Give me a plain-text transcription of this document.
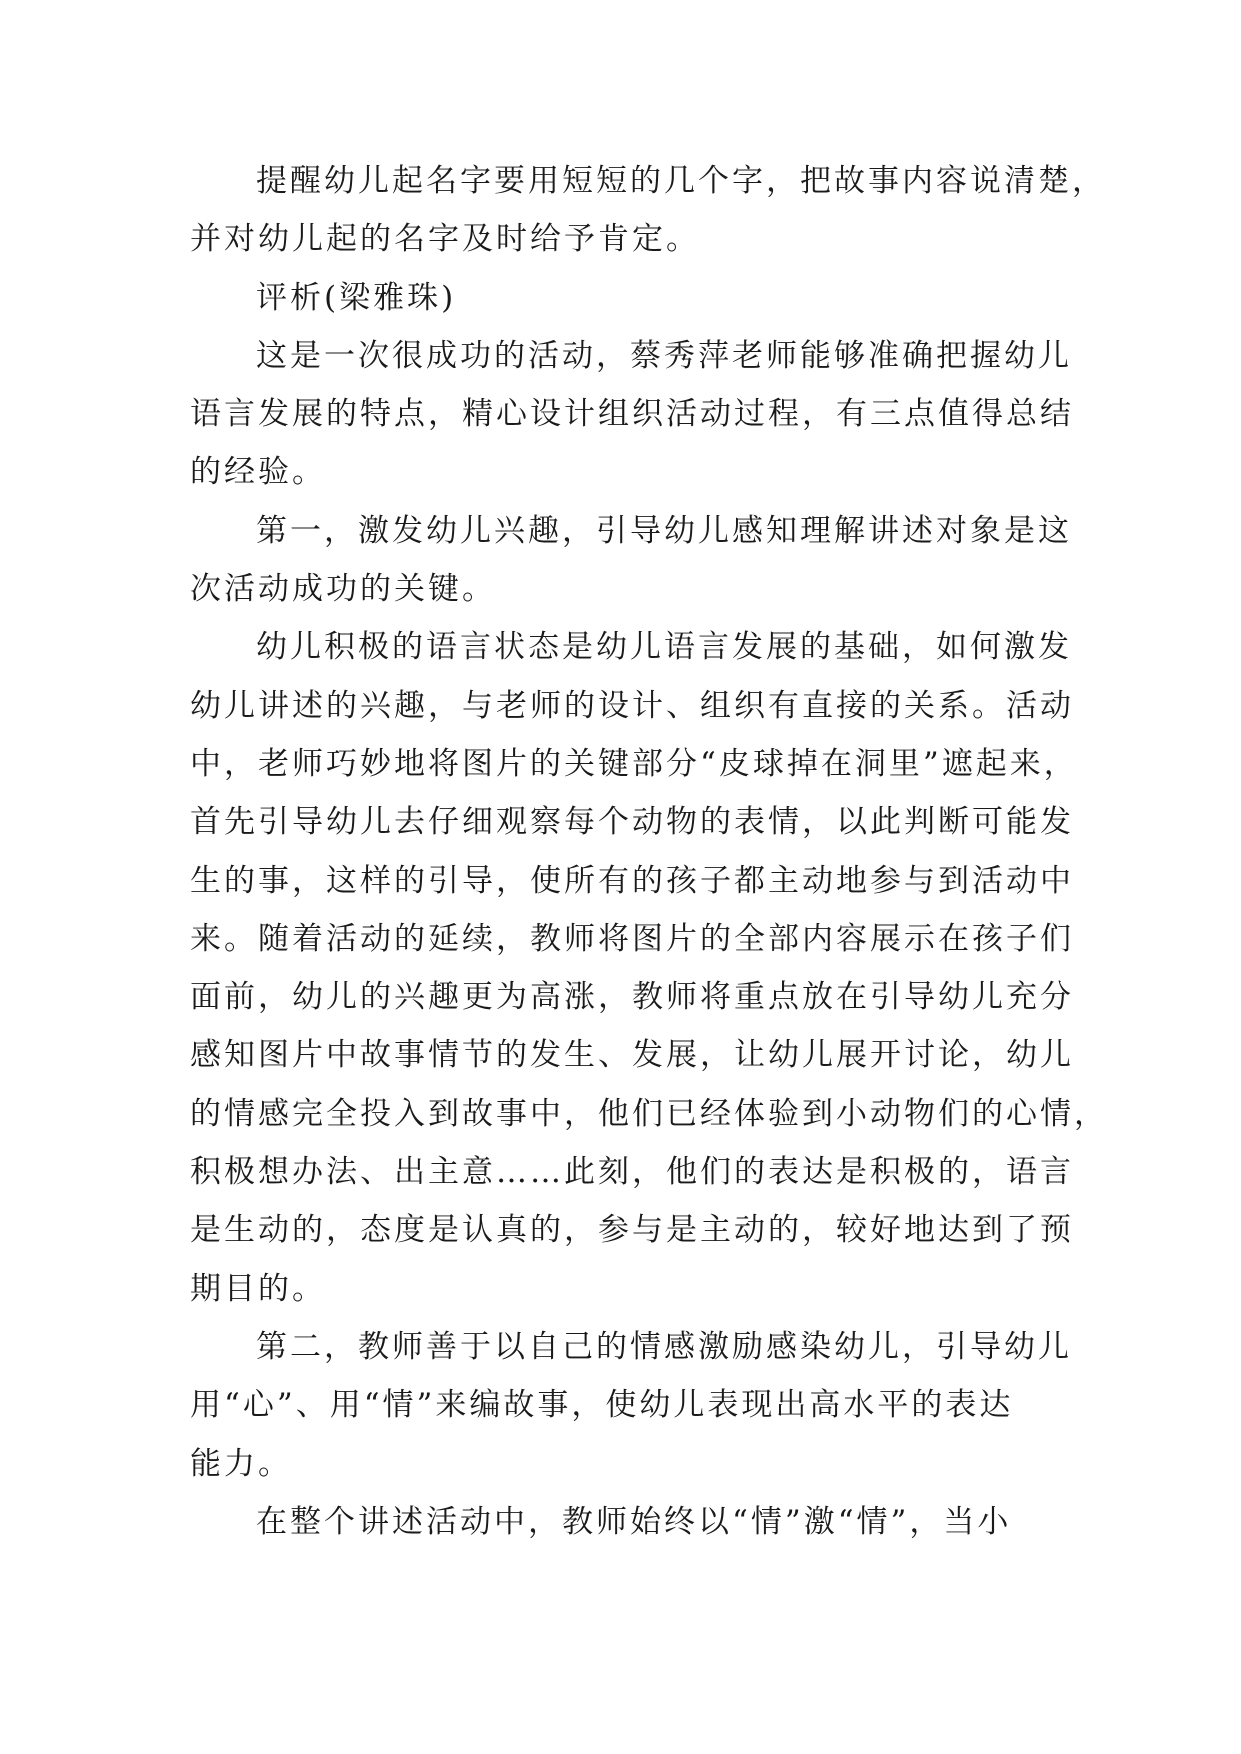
提醒幼儿起名字要用短短的几个字，把故事内容说清楚，
并对幼儿起的名字及时给予肯定。
评析(梁雅珠)
这是一次很成功的活动，蔡秀萍老师能够准确把握幼儿
语言发展的特点，精心设计组织活动过程，有三点值得总结
的经验。
第一，激发幼儿兴趣，引导幼儿感知理解讲述对象是这
次活动成功的关键。
幼儿积极的语言状态是幼儿语言发展的基础，如何激发
幼儿讲述的兴趣，与老师的设计、组织有直接的关系。活动
中，老师巧妙地将图片的关键部分“皮球掉在洞里”遮起来，
首先引导幼儿去仔细观察每个动物的表情，以此判断可能发
生的事，这样的引导，使所有的孩子都主动地参与到活动中
来。随着活动的延续，教师将图片的全部内容展示在孩子们
面前，幼儿的兴趣更为高涨，教师将重点放在引导幼儿充分
感知图片中故事情节的发生、发展，让幼儿展开讨论，幼儿
的情感完全投入到故事中，他们已经体验到小动物们的心情，
积极想办法、出主意……此刻，他们的表达是积极的，语言
是生动的，态度是认真的，参与是主动的，较好地达到了预
期目的。
第二，教师善于以自己的情感激励感染幼儿，引导幼儿
用“心”、用“情”来编故事，使幼儿表现出高水平的表达
能力。
在整个讲述活动中，教师始终以“情”激“情”，当小
